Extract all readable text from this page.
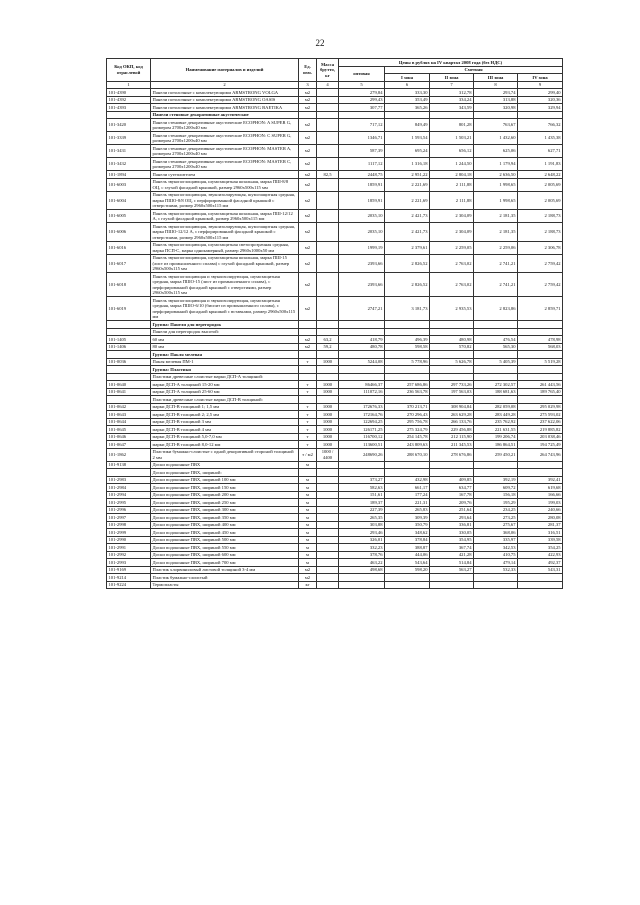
22
Код ОКП, код отраслевой	Наименование материалов и изделий	Ед. изм.	Масса брутто, кг	Цены в рублях на IV квартал 2008 года (без НДС)				
				оптовая	Сметная			
					I зона	II зона	III зона	IV зона
1	2	3	4	5	6	7	8	9
101-4390	Панели потолочные с комплектующими ARMSTRONG VOLGA	м2		279,84	333,30	312,78	293,74	299,40
101-4392	Панели потолочные с комплектующими ARMSTRONG OASIS	м2		299,43	353,49	334,24	313,88	320,36
101-4393	Панели потолочные с комплектующими ARMSTRONG BAETIKA	м2		307,77	365,26	343,59	320,98	329,94
	Панели стеновые декоративные акустические							
101-3420	Панели стеновые декоративные акустические ECOPHON: A SUPER G, размером 2700х1200х40 мм	м2		717,12	849,49	801,28	763,67	766,32
101-3339	Панели стеновые декоративные акустические ECOPHON: C SUPER G, размером 2700х1200х40 мм	м2		1346,71	1 593,54	1 503,21	1 432,60	1 435,38
101-3431	Панели стеновые декоративные акустические ECOPHON: MASTER A, размером 2700х1200х40 мм	м2		587,39	695,24	656,12	625,06	627,71
101-3432	Панели стеновые декоративные акустические ECOPHON: MASTER C, размером 2700х1200х40 мм	м2		1117,12	1 316,18	1 244,50	1 179,94	1 191,83
101-1894	Панели сутеплителем	м2	82,5	2448,75	2 951,22	2 804,18	2 636,50	2 648,22
101-6003	Панель звукопоглощающая, шумозащитная шпальная, марка ПШ-8/8 ОЦ, с глухой фасадной крышкой, размер 2960х500х115 мм	м2		1859,91	2 221,69	2 111,88	1 998,65	2 005,69
101-6004	Панель звукопоглощающая, звукоизолирующая, шумозащитная средняя, марка ПШО-8/8 ОЦ, с перфорированной фасадной крышкой с отверстиями, размер 2960х500х115 мм	м2		1859,91	2 221,69	2 111,88	1 998,65	2 005,69
101-6005	Панель звукопоглощающая, шумозащитная шпальная, марка ПШ-12/12 А, с глухой фасадной крышкой, размер 2960х500х115 мм	м2		2035,10	2 421,73	2 304,09	2 181,35	2 188,73
101-6006	Панель звукопоглощающая, звукоизолирующая, шумозащитная средняя, марка ПШО-12/12 А, с перфорированной фасадной крышкой с отверстиями, размер 2960х500х115 мм	м2		2035,10	2 421,73	2 304,09	2 181,35	2 188,73
101-6016	Панель звукопоглощающая, шумозащитная светопрозрачная средняя, марка ПСП-С, марка однокамерный, размер 2960х1000х50 мм	м2		1999,19	2 379,61	2 259,05	2 259,06	2 306,78
101-6017	Панель звукопоглощающая, шумозащитная шпальная, марка ПШ-15 (лист из промышленного сплава) с глухой фасадной крышкой, размер 2960х500х115 мм	м2		2393,66	2 826,52	2 763,02	2 741,21	2 759,42
101-6018	Панель звукопоглощающая и звукоизолирующая, шумозащитная средняя, марка ПШО-15 (лист из промышленного сплава), с перфорированной фасадной крышкой с отверстиями, размер 2960х500х115 мм	м2		2393,66	2 826,52	2 763,02	2 741,21	2 759,42
101-6019	Панель звукопоглощающая и звукоизолирующая, шумозащитная средняя, марка ПШО-6/10 (биспит из промышленного сплава), с перфорированной фасадной крышкой с вставками, размер 2960х500х115 мм	м2		2747,21	3 181,73	2 935,53	2 823,86	2 859,71
	Группа: Панели для перегородок							
	Панели для перегородок высотой:							
101-1405	60 мм	м2	63,2	418,79	496,39	480,98	476,54	478,98
101-1406	80 мм	м2	59,2	480,78	598,58	570,82	565,30	568,03
	Группа: Пакля мелевая							
101-0036	Пакля мелевая ПМ-1	т	1000	5244,08	5 778,96	5 626,78	5 405,39	5 519,28
	Группа: Пластики							
	Пластики древесные слоистые марки ДСП-А толщиной:							
101-0640	марки ДСП-А толщиной 15-20 мм	т	1000	86466,37	257 686,86	297 733,26	272 302,57	261 443,56
101-0641	марки ДСП-А толщиной 25-60 мм	т	1000	111072,16	236 563,78	197 563,03	188 681,63	189 765,40
	Пластики древесные слоистые марки ДСП-В толщиной:							
101-0642	марки ДСП-В толщиной 1; 1,5 мм	т	1000	172676,33	370 213,71	308 904,84	282 059,08	295 029,98
101-0643	марки ДСП-В толщиной 2; 2,5 мм	т	1000	172164,76	270 296,43	263 629,28	283 449,28	275 593,02
101-0644	марки ДСП-В толщиной 3 мм	т	1000	122694,25	295 756,78	266 133,76	235 762,92	237 622,06
101-0645	марки ДСП-В толщиной 4 мм	т	1000	126171,25	275 324,79	229 456,88	221 631,55	219 885,82
101-0646	марки ДСП-В толщиной 5,0-7,0 мм	т	1000	116700,12	254 145,78	212 115,90	199 206,74	203 038,46
101-0647	марки ДСП-В толщиной 8,0-12 мм	т	1000	113600,51	243 809,63	211 345,53	186 864,51	194 725,49
101-1862	Пластики бумажно-слоистые с одной декоративной стороной толщиной 2 мм	т / м2	1000 / 4400	248690,26	288 670,10	278 676,86	259 450,21	264 743,96
101-9138	Доски подоконные ПВХ	м						
	Доски подоконные ПВХ, шириной:							
101-2983	Доски подоконные ПВХ, шириной 100 мм	м		373,27	432,98	409,85	392,19	392,41
101-2984	Доски подоконные ПВХ, шириной 150 мм	м		582,63	661,17	634,77	609,72	619,68
101-2994	Доски подоконные ПВХ, шириной 200 мм	м		151,61	177,24	167,78	156,18	166,66
101-2995	Доски подоконные ПВХ, шириной 250 мм	м		189,37	221,31	209,76	195,29	199,03
101-2996	Доски подоконные ПВХ, шириной 300 мм	м		227,39	265,83	251,64	234,25	240,66
101-2997	Доски подоконные ПВХ, шириной 350 мм	м		265,35	309,39	293,64	273,25	280,08
101-2998	Доски подоконные ПВХ, шириной 400 мм	м		303,88	350,79	336,81	275,67	281,37
101-2999	Доски подоконные ПВХ, шириной 450 мм	м		293,46	348,62	330,05	368,06	316,51
101-2990	Доски подоконные ПВХ, шириной 500 мм	м		326,01	378,84	354,95	335,97	339,58
101-2991	Доски подоконные ПВХ, шириной 550 мм	м		332,23	388,87	367,74	342,53	354,25
101-2992	Доски подоконные ПВХ, шириной 600 мм	м		378,76	444,06	421,28	410,75	422,93
101-2993	Доски подоконные ПВХ, шириной 700 мм	м		463,22	543,64	514,84	479,14	492,37
101-9169	Пластик хлорвиниловый листовой толщиной 3-4 мм	м2		498,68	598,20	563,27	532,33	543,31
101-9214	Пластик бумажно-слоистый	м2						
101-9224	Термопласты	кг						
